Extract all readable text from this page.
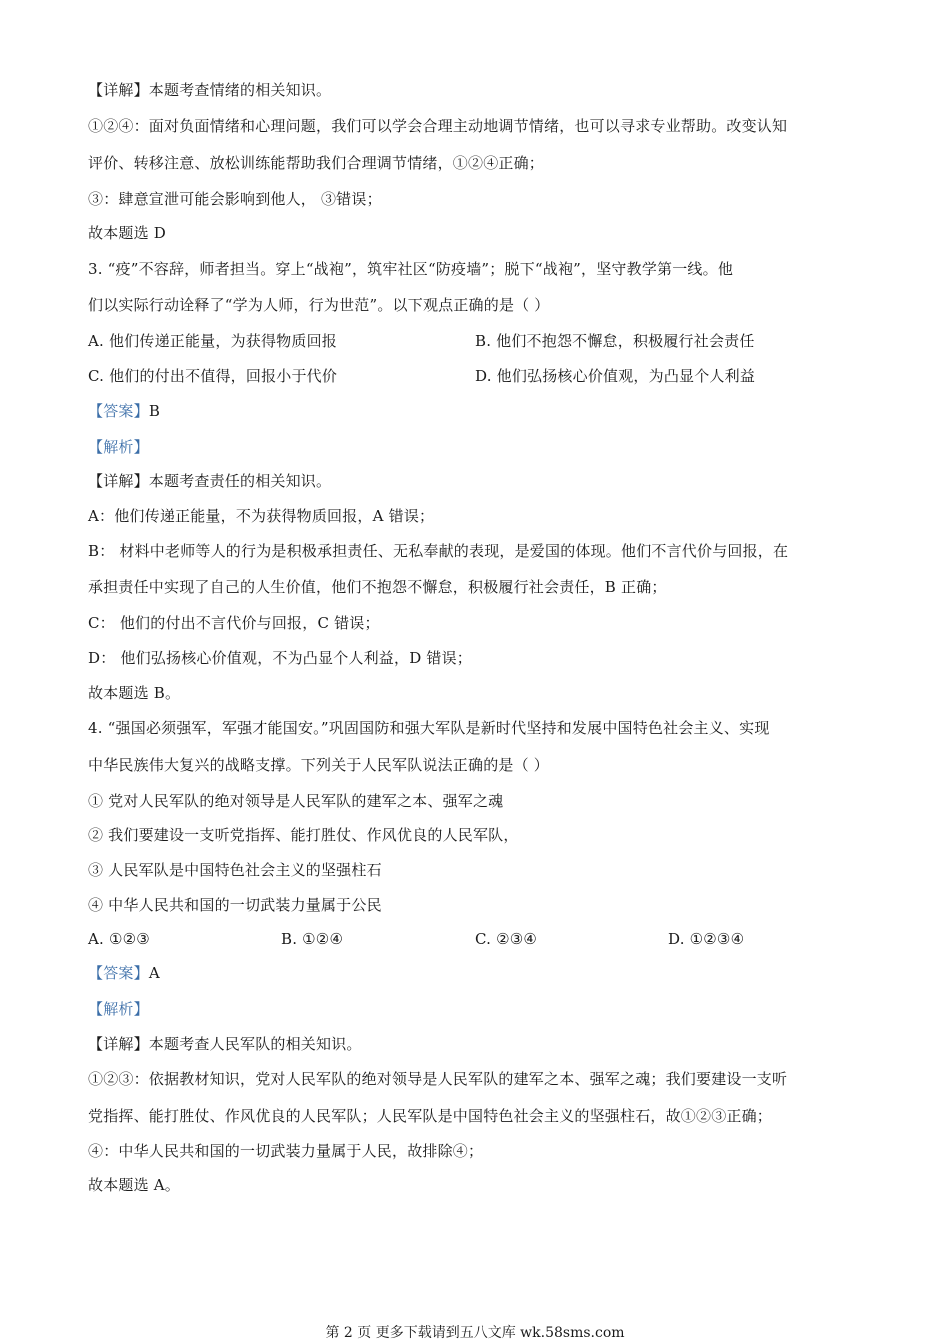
【详解】本题考查情绪的相关知识。
①②④：面对负面情绪和心理问题，我们可以学会合理主动地调节情绪，也可以寻求专业帮助。改变认知
评价、转移注意、放松训练能帮助我们合理调节情绪，①②④正确；
③：肆意宣泄可能会影响到他人， ③错误；
故本题选 D
3. “疫”不容辞，师者担当。穿上“战袍”，筑牢社区“防疫墙”；脱下“战袍”，坚守教学第一线。他
们以实际行动诠释了“学为人师，行为世范”。以下观点正确的是（ ）
A. 他们传递正能量，为获得物质回报	B. 他们不抱怨不懈怠，积极履行社会责任
C. 他们的付出不值得，回报小于代价	D. 他们弘扬核心价值观，为凸显个人利益
【答案】B
【解析】
【详解】本题考查责任的相关知识。
A：他们传递正能量，不为获得物质回报，A 错误；
B： 材料中老师等人的行为是积极承担责任、无私奉献的表现，是爱国的体现。他们不言代价与回报，在
承担责任中实现了自己的人生价值，他们不抱怨不懈怠，积极履行社会责任，B 正确；
C： 他们的付出不言代价与回报，C 错误；
D： 他们弘扬核心价值观，不为凸显个人利益，D 错误；
故本题选 B。
4. “强国必须强军，军强才能国安。”巩固国防和强大军队是新时代坚持和发展中国特色社会主义、实现
中华民族伟大复兴的战略支撑。下列关于人民军队说法正确的是（ ）
① 党对人民军队的绝对领导是人民军队的建军之本、强军之魂
② 我们要建设一支听党指挥、能打胜仗、作风优良的人民军队，
③ 人民军队是中国特色社会主义的坚强柱石
④ 中华人民共和国的一切武装力量属于公民
A. ①②③	B. ①②④	C. ②③④	D. ①②③④
【答案】A
【解析】
【详解】本题考查人民军队的相关知识。
①②③：依据教材知识，党对人民军队的绝对领导是人民军队的建军之本、强军之魂；我们要建设一支听
党指挥、能打胜仗、作风优良的人民军队；人民军队是中国特色社会主义的坚强柱石，故①②③正确；
④：中华人民共和国的一切武装力量属于人民，故排除④；
故本题选 A。
第 2 页 更多下载请到五八文库 wk.58sms.com
